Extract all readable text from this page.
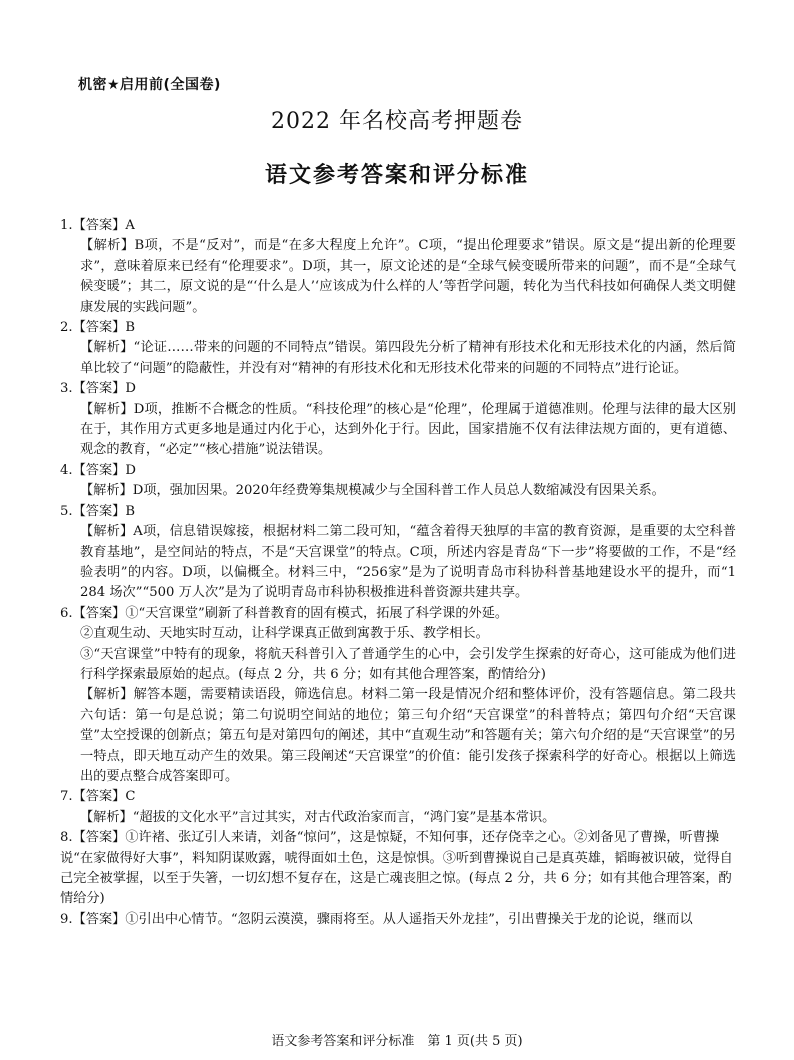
机密★启用前(全国卷)
2022 年名校高考押题卷
语文参考答案和评分标准
1.【答案】A
【解析】B项，不是“反对”，而是“在多大程度上允许”。C项，“提出伦理要求”错误。原文是“提出新的伦理要求”，意味着原来已经有“伦理要求”。D项，其一，原文论述的是“全球气候变暖所带来的问题”，而不是“全球气候变暖”；其二，原文说的是“‘什么是人’‘应该成为什么样的人’等哲学问题，转化为当代科技如何确保人类文明健康发展的实践问题”。
2.【答案】B
【解析】“论证……带来的问题的不同特点”错误。第四段先分析了精神有形技术化和无形技术化的内涵，然后简单比较了“问题”的隐蔽性，并没有对“精神的有形技术化和无形技术化带来的问题的不同特点”进行论证。
3.【答案】D
【解析】D项，推断不合概念的性质。“科技伦理”的核心是“伦理”，伦理属于道德准则。伦理与法律的最大区别在于，其作用方式更多地是通过内化于心，达到外化于行。因此，国家措施不仅有法律法规方面的，更有道德、观念的教育，“必定”“核心措施”说法错误。
4.【答案】D
【解析】D项，强加因果。2020年经费筹集规模减少与全国科普工作人员总人数缩减没有因果关系。
5.【答案】B
【解析】A项，信息错误嫁接，根据材料二第二段可知，“蕴含着得天独厚的丰富的教育资源，是重要的太空科普教育基地”，是空间站的特点，不是“天宫课堂”的特点。C项，所述内容是青岛“下一步”将要做的工作，不是“经验表明”的内容。D项，以偏概全。材料三中，“256家”是为了说明青岛市科协科普基地建设水平的提升，而“1 284 场次”“500 万人次”是为了说明青岛市科协积极推进科普资源共建共享。
6.【答案】①“天宫课堂”刷新了科普教育的固有模式，拓展了科学课的外延。
②直观生动、天地实时互动，让科学课真正做到寓教于乐、教学相长。
③“天宫课堂”中特有的现象，将航天科普引入了普通学生的心中，会引发学生探索的好奇心，这可能成为他们进行科学探索最原始的起点。(每点 2 分，共 6 分；如有其他合理答案，酌情给分)
【解析】解答本题，需要精读语段，筛选信息。材料二第一段是情况介绍和整体评价，没有答题信息。第二段共六句话：第一句是总说；第二句说明空间站的地位；第三句介绍“天宫课堂”的科普特点；第四句介绍“天宫课堂”太空授课的创新点；第五句是对第四句的阐述，其中“直观生动”和答题有关；第六句介绍的是“天宫课堂”的另一特点，即天地互动产生的效果。第三段阐述“天宫课堂”的价值：能引发孩子探索科学的好奇心。根据以上筛选出的要点整合成答案即可。
7.【答案】C
【解析】“超拔的文化水平”言过其实，对古代政治家而言，“鸿门宴”是基本常识。
8.【答案】①许褚、张辽引人来请，刘备“惊问”，这是惊疑，不知何事，还存侥幸之心。②刘备见了曹操，听曹操说“在家做得好大事”，料知阴谋败露，唬得面如土色，这是惊惧。③听到曹操说自己是真英雄，韬晦被识破，觉得自己完全被掌握，以至于失箸，一切幻想不复存在，这是亡魂丧胆之惊。(每点 2 分，共 6 分；如有其他合理答案，酌情给分)
9.【答案】①引出中心情节。“忽阴云漠漠，骤雨将至。从人遥指天外龙挂”，引出曹操关于龙的论说，继而以
语文参考答案和评分标准　第 1 页(共 5 页)
